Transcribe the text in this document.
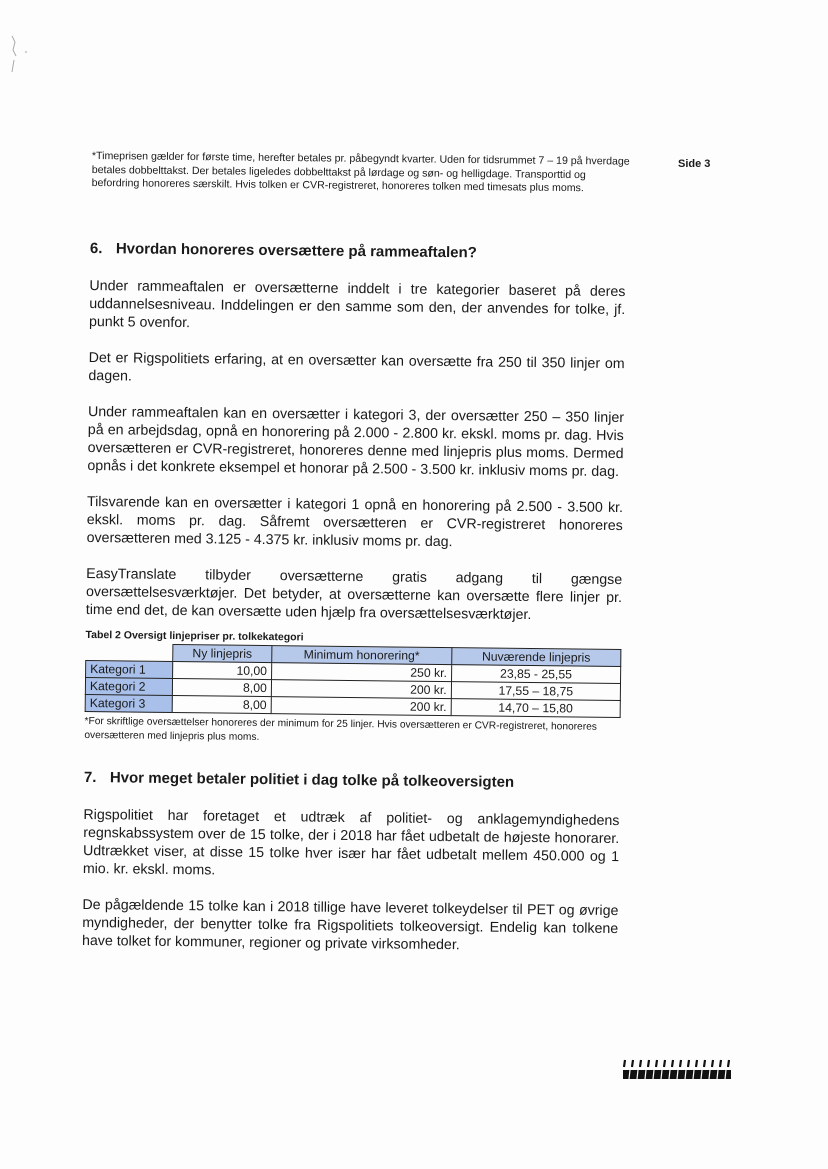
*Timeprisen gælder for første time, herefter betales pr. påbegyndt kvarter. Uden for tidsrummet 7 – 19 på hverdage betales dobbelttakst. Der betales ligeledes dobbelttakst på lørdage og søn- og helligdage. Transporttid og befordring honoreres særskilt. Hvis tolken er CVR-registreret, honoreres tolken med timesats plus moms.
Side 3
6. Hvordan honoreres oversættere på rammeaftalen?

Under rammeaftalen er oversætterne inddelt i tre kategorier baseret på deres uddannelsesniveau. Inddelingen er den samme som den, der anvendes for tolke, jf. punkt 5 ovenfor.

Det er Rigspolitiets erfaring, at en oversætter kan oversætte fra 250 til 350 linjer om dagen.

Under rammeaftalen kan en oversætter i kategori 3, der oversætter 250 – 350 linjer på en arbejdsdag, opnå en honorering på 2.000 - 2.800 kr. ekskl. moms pr. dag. Hvis oversætteren er CVR-registreret, honoreres denne med linjepris plus moms. Dermed opnås i det konkrete eksempel et honorar på 2.500 - 3.500 kr. inklusiv moms pr. dag.

Tilsvarende kan en oversætter i kategori 1 opnå en honorering på 2.500 - 3.500 kr. ekskl. moms pr. dag. Såfremt oversætteren er CVR-registreret honoreres oversætteren med 3.125 - 4.375 kr. inklusiv moms pr. dag.

EasyTranslate tilbyder oversætterne gratis adgang til gængse oversættelsesværktøjer. Det betyder, at oversætterne kan oversætte flere linjer pr. time end det, de kan oversætte uden hjælp fra oversættelsesværktøjer.

Tabel 2 Oversigt linjepriser pr. tolkekategori
	Ny linjepris	Minimum honorering*	Nuværende linjepris
Kategori 1	10,00	250 kr.	23,85 - 25,55
Kategori 2	8,00	200 kr.	17,55 – 18,75
Kategori 3	8,00	200 kr.	14,70 – 15,80
*For skriftlige oversættelser honoreres der minimum for 25 linjer. Hvis oversætteren er CVR-registreret, honoreres oversætteren med linjepris plus moms.
7. Hvor meget betaler politiet i dag tolke på tolkeoversigten

Rigspolitiet har foretaget et udtræk af politiet- og anklagemyndighedens regnskabssystem over de 15 tolke, der i 2018 har fået udbetalt de højeste honorarer. Udtrækket viser, at disse 15 tolke hver især har fået udbetalt mellem 450.000 og 1 mio. kr. ekskl. moms.

De pågældende 15 tolke kan i 2018 tillige have leveret tolkeydelser til PET og øvrige myndigheder, der benytter tolke fra Rigspolitiets tolkeoversigt. Endelig kan tolkene have tolket for kommuner, regioner og private virksomheder.
